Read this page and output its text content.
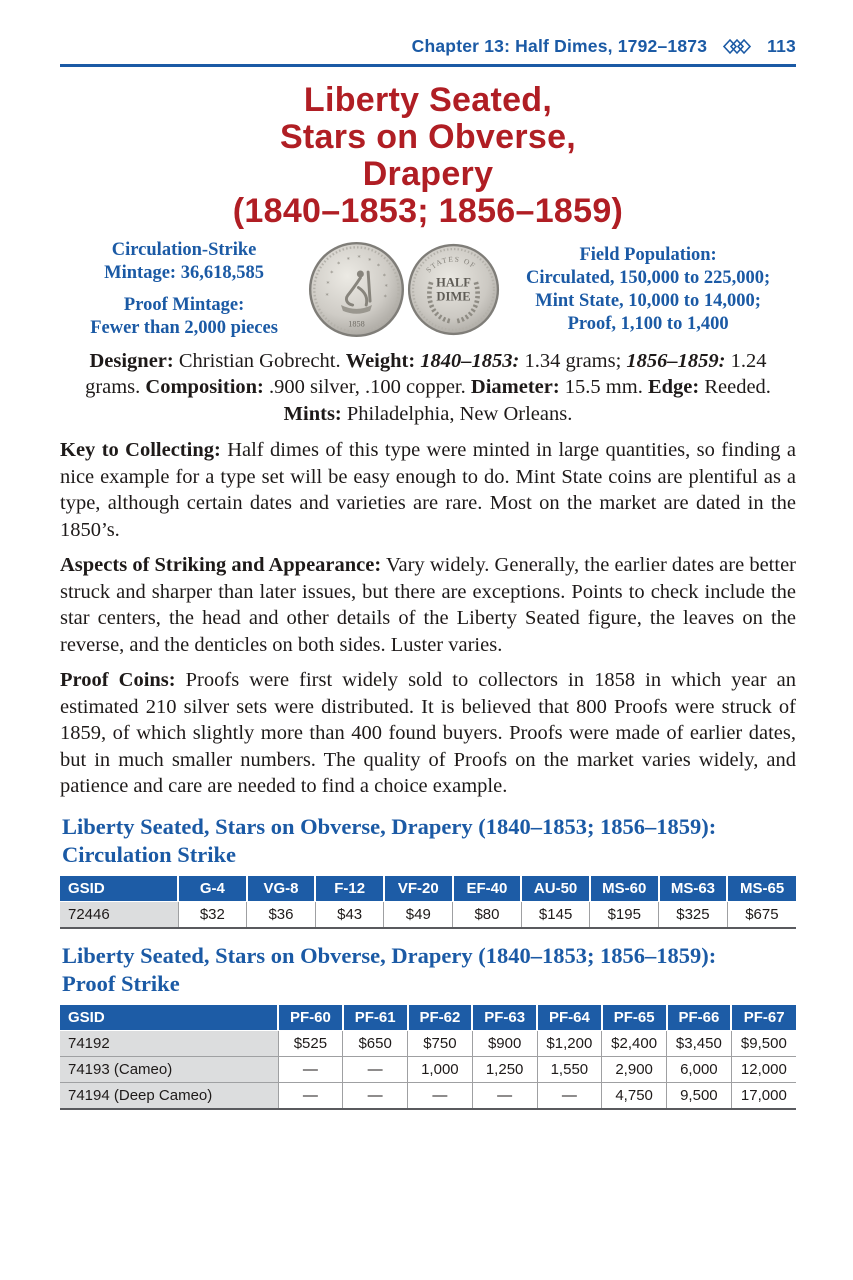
Chapter 13: Half Dimes, 1792–1873	113
Liberty Seated,
Stars on Obverse,
Drapery
(1840–1853; 1856–1859)
Circulation-Strike
Mintage: 36,618,585
Proof Mintage:
Fewer than 2,000 pieces
*
*
*
*
* * *
*
*
*
*
1858
STATES OF
HALF
DIME
Field Population:
Circulated, 150,000 to 225,000;
Mint State, 10,000 to 14,000;
Proof, 1,100 to 1,400

Designer: Christian Gobrecht. Weight: 1840–1853: 1.34 grams; 1856–1859: 1.24 grams. Composition: .900 silver, .100 copper. Diameter: 15.5 mm. Edge: Reeded. Mints: Philadelphia, New Orleans.

Key to Collecting: Half dimes of this type were minted in large quantities, so finding a nice example for a type set will be easy enough to do. Mint State coins are plentiful as a type, although certain dates and varieties are rare. Most on the market are dated in the 1850’s.

Aspects of Striking and Appearance: Vary widely. Generally, the earlier dates are better struck and sharper than later issues, but there are exceptions. Points to check include the star centers, the head and other details of the Liberty Seated figure, the leaves on the reverse, and the denticles on both sides. Luster varies.

Proof Coins: Proofs were first widely sold to collectors in 1858 in which year an estimated 210 silver sets were distributed. It is believed that 800 Proofs were struck of 1859, of which slightly more than 400 found buyers. Proofs were made of earlier dates, but in much smaller numbers. The quality of Proofs on the market varies widely, and patience and care are needed to find a choice example.

Liberty Seated, Stars on Obverse, Drapery (1840–1853; 1856–1859):
Circulation Strike
GSID	G-4	VG-8	F-12	VF-20	EF-40	AU-50	MS-60	MS-63	MS-65
72446	$32	$36	$43	$49	$80	$145	$195	$325	$675
Liberty Seated, Stars on Obverse, Drapery (1840–1853; 1856–1859):
Proof Strike
GSID	PF-60	PF-61	PF-62	PF-63	PF-64	PF-65	PF-66	PF-67
74192	$525	$650	$750	$900	$1,200	$2,400	$3,450	$9,500
74193 (Cameo)	—	—	1,000	1,250	1,550	2,900	6,000	12,000
74194 (Deep Cameo)	—	—	—	—	—	4,750	9,500	17,000
